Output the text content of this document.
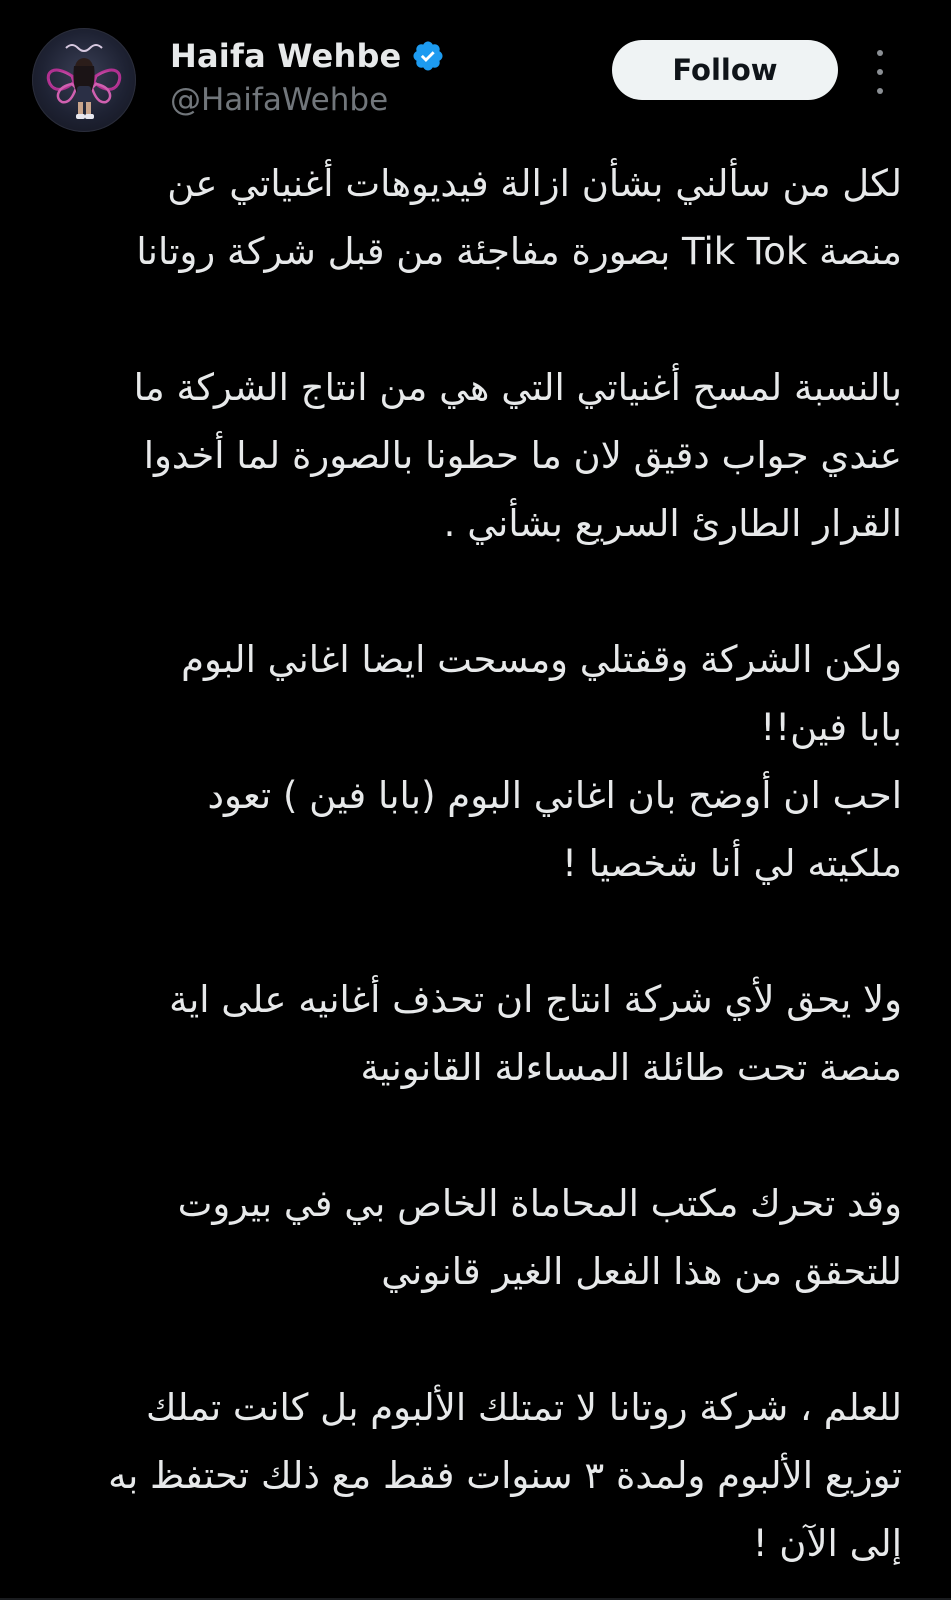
Haifa Wehbe
@HaifaWehbe
Follow

لكل من سألني بشأن ازالة فيديوهات أغنياتي عن
منصة Tik Tok بصورة مفاجئة من قبل شركة روتانا

بالنسبة لمسح أغنياتي التي هي من انتاج الشركة ما
عندي جواب دقيق لان ما حطونا بالصورة لما أخدوا
القرار الطارئ السريع بشأني .

ولكن الشركة وقفتلي ومسحت ايضا اغاني البوم
بابا فين!!
احب ان أوضح بان اغاني البوم (بابا فين ) تعود
ملكيته لي أنا شخصيا !

ولا يحق لأي شركة انتاج ان تحذف أغانيه على اية
منصة تحت طائلة المساءلة القانونية

وقد تحرك مكتب المحاماة الخاص بي في بيروت
للتحقق من هذا الفعل الغير قانوني

للعلم ، شركة روتانا لا تمتلك الألبوم بل كانت تملك
توزيع الألبوم ولمدة ٣ سنوات فقط مع ذلك تحتفظ به
إلى الآن !
